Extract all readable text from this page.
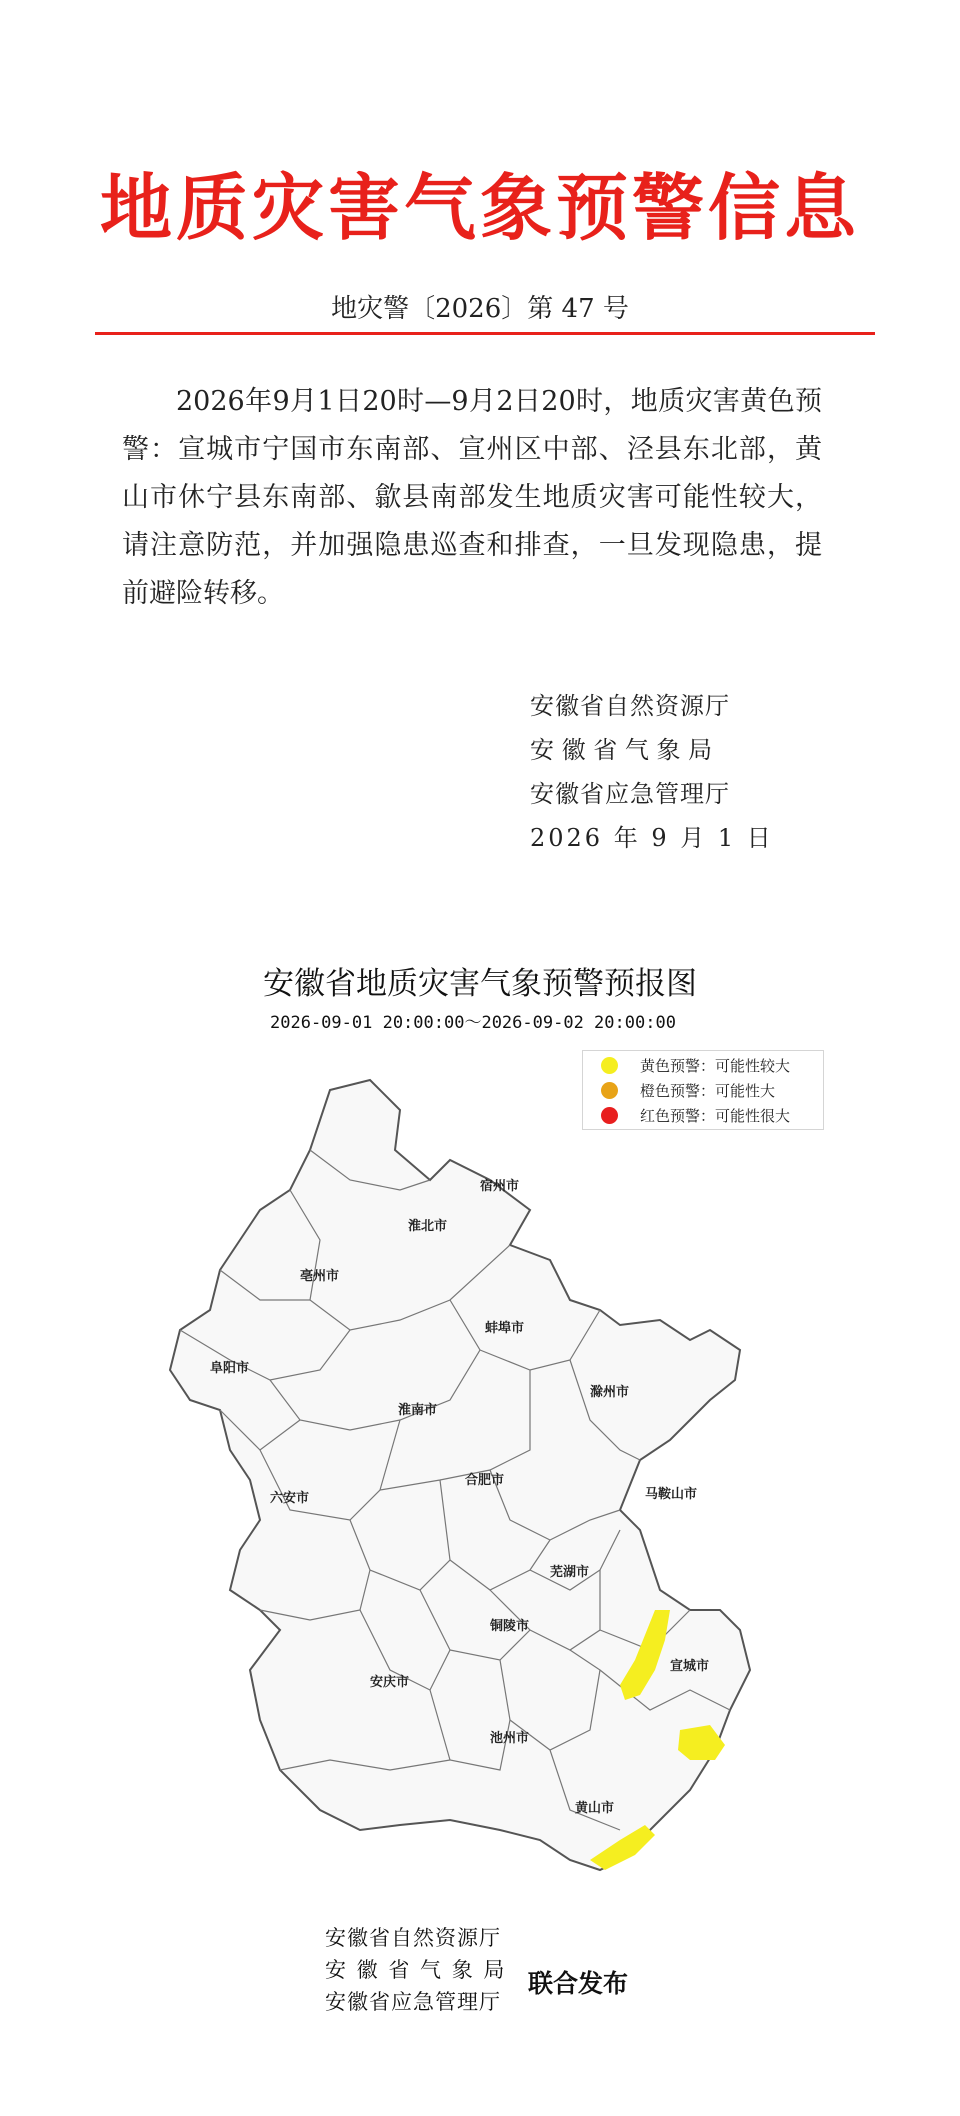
地质灾害气象预警信息
地灾警〔2026〕第 47 号

2026年9月1日20时—9月2日20时，地质灾害黄色预警：宣城市宁国市东南部、宣州区中部、泾县东北部，黄山市休宁县东南部、歙县南部发生地质灾害可能性较大，请注意防范，并加强隐患巡查和排查，一旦发现隐患，提前避险转移。

安徽省自然资源厅
安 徽 省 气 象 局
安徽省应急管理厅
2026 年 9 月 1 日
安徽省地质灾害气象预警预报图
2026-09-01 20:00:00～2026-09-02 20:00:00
黄色预警：可能性较大
橙色预警：可能性大
红色预警：可能性很大
宿州市
淮北市
亳州市
蚌埠市
阜阳市
淮南市
滁州市
马鞍山市
六安市
合肥市
芜湖市
宣城市
铜陵市
安庆市
池州市
黄山市
安徽省自然资源厅
安 徽 省 气 象 局
安徽省应急管理厅
联合发布
